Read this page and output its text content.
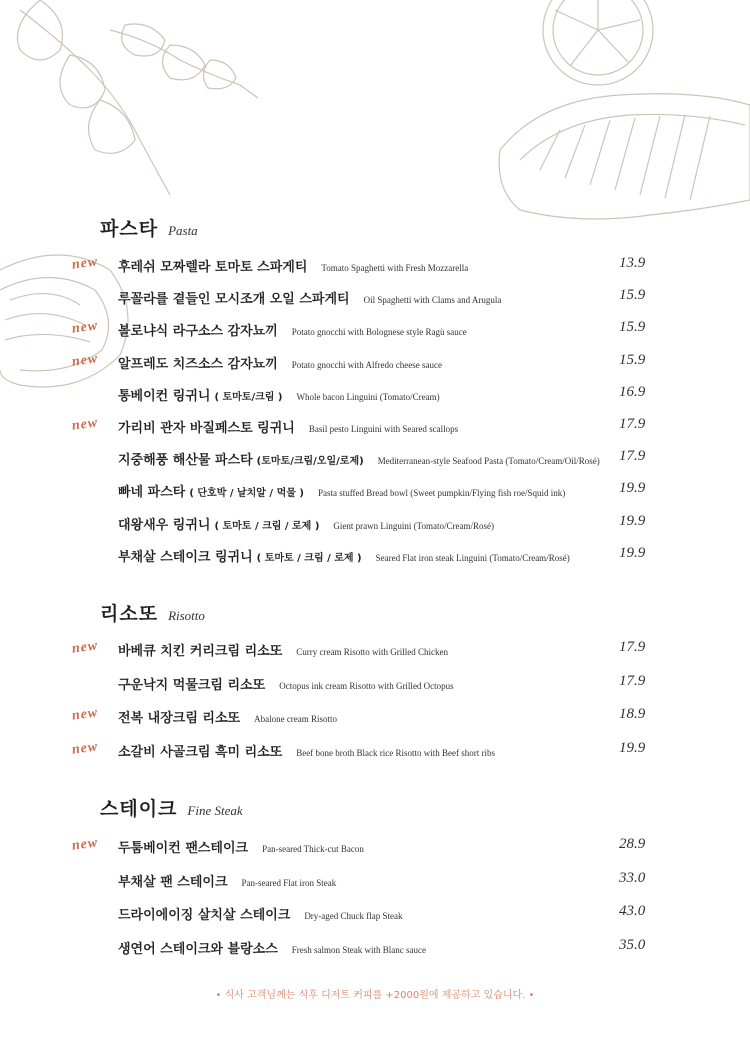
파스타 Pasta
리소또 Risotto
스테이크 Fine Steak
new 후레쉬 모짜렐라 토마토 스파게티 Tomato Spaghetti with Fresh Mozzarella	13.9
루꼴라를 곁들인 모시조개 오일 스파게티 Oil Spaghetti with Clams and Arugula	15.9
new 볼로냐식 라구소스 감자뇨끼 Potato gnocchi with Bolognese style Ragù sauce	15.9
new 알프레도 치즈소스 감자뇨끼 Potato gnocchi with Alfredo cheese sauce	15.9
통베이컨 링귀니 ( 토마토/크림 ) Whole bacon Linguini (Tomato/Cream)	16.9
new 가리비 관자 바질페스토 링귀니 Basil pesto Linguini with Seared scallops	17.9
지중해풍 해산물 파스타 (토마토/크림/오일/로제) Mediterranean-style Seafood Pasta (Tomato/Cream/Oil/Rosé) 17.9
빠네 파스타 ( 단호박 / 날치알 / 먹물 ) Pasta stuffed Bread bowl (Sweet pumpkin/Flying fish roe/Squid ink)	19.9
대왕새우 링귀니 ( 토마토 / 크림 / 로제 ) Gient prawn Linguini (Tomato/Cream/Rosé)	19.9
부채살 스테이크 링귀니 ( 토마토 / 크림 / 로제 ) Seared Flat iron steak Linguini (Tomato/Cream/Rosé)	19.9
new 바베큐 치킨 커리크림 리소또 Curry cream Risotto with Grilled Chicken	17.9
구운낙지 먹물크림 리소또 Octopus ink cream Risotto with Grilled Octopus	17.9
new 전복 내장크림 리소또 Abalone cream Risotto	18.9
new 소갈비 사골크림 흑미 리소또 Beef bone broth Black rice Risotto with Beef short ribs	19.9
new 두툼베이컨 팬스테이크 Pan-seared Thick-cut Bacon	28.9
부채살 팬 스테이크 Pan-seared Flat iron Steak	33.0
드라이에이징 살치살 스테이크 Dry-aged Chuck flap Steak	43.0
생연어 스테이크와 블랑소스 Fresh salmon Steak with Blanc sauce	35.0
• 식사 고객님께는 식후 디저트 커피를 +2000원에 제공하고 있습니다. •
